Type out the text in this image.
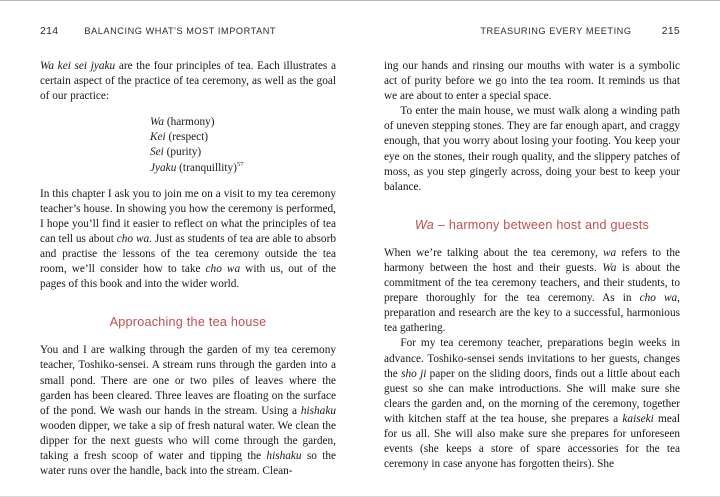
214	BALANCING WHAT'S MOST IMPORTANT

Wa kei sei jyaku are the four principles of tea. Each illustrates a certain aspect of the practice of tea ceremony, as well as the goal of our practice:

Wa (harmony)
Kei (respect)
Sei (purity)
Jyaku (tranquillity)$^{57}$

In this chapter I ask you to join me on a visit to my tea ceremony teacher’s house. In showing you how the ceremony is performed, I hope you’ll find it easier to reflect on what the principles of tea can tell us about cho wa. Just as students of tea are able to absorb and practise the lessons of the tea ceremony outside the tea room, we’ll consider how to take cho wa with us, out of the pages of this book and into the wider world.

Approaching the tea house

You and I are walking through the garden of my tea ceremony teacher, Toshiko-sensei. A stream runs through the garden into a small pond. There are one or two piles of leaves where the garden has been cleared. Three leaves are floating on the surface of the pond. We wash our hands in the stream. Using a hishaku wooden dipper, we take a sip of fresh natural water. We clean the dipper for the next guests who will come through the garden, taking a fresh scoop of water and tipping the hishaku so the water runs over the handle, back into the stream. Clean-

TREASURING EVERY MEETING	215

ing our hands and rinsing our mouths with water is a symbolic act of purity before we go into the tea room. It reminds us that we are about to enter a special space.

To enter the main house, we must walk along a winding path of uneven stepping stones. They are far enough apart, and craggy enough, that you worry about losing your footing. You keep your eye on the stones, their rough quality, and the slippery patches of moss, as you step gingerly across, doing your best to keep your balance.

Wa – harmony between host and guests

When we’re talking about the tea ceremony, wa refers to the harmony between the host and their guests. Wa is about the commitment of the tea ceremony teachers, and their students, to prepare thoroughly for the tea ceremony. As in cho wa, preparation and research are the key to a successful, harmonious tea gathering.

For my tea ceremony teacher, preparations begin weeks in advance. Toshiko-sensei sends invitations to her guests, changes the sho ji paper on the sliding doors, finds out a little about each guest so she can make introductions. She will make sure she clears the garden and, on the morning of the ceremony, together with kitchen staff at the tea house, she prepares a kaiseki meal for us all. She will also make sure she prepares for unforeseen events (she keeps a store of spare accessories for the tea ceremony in case anyone has forgotten theirs). She
